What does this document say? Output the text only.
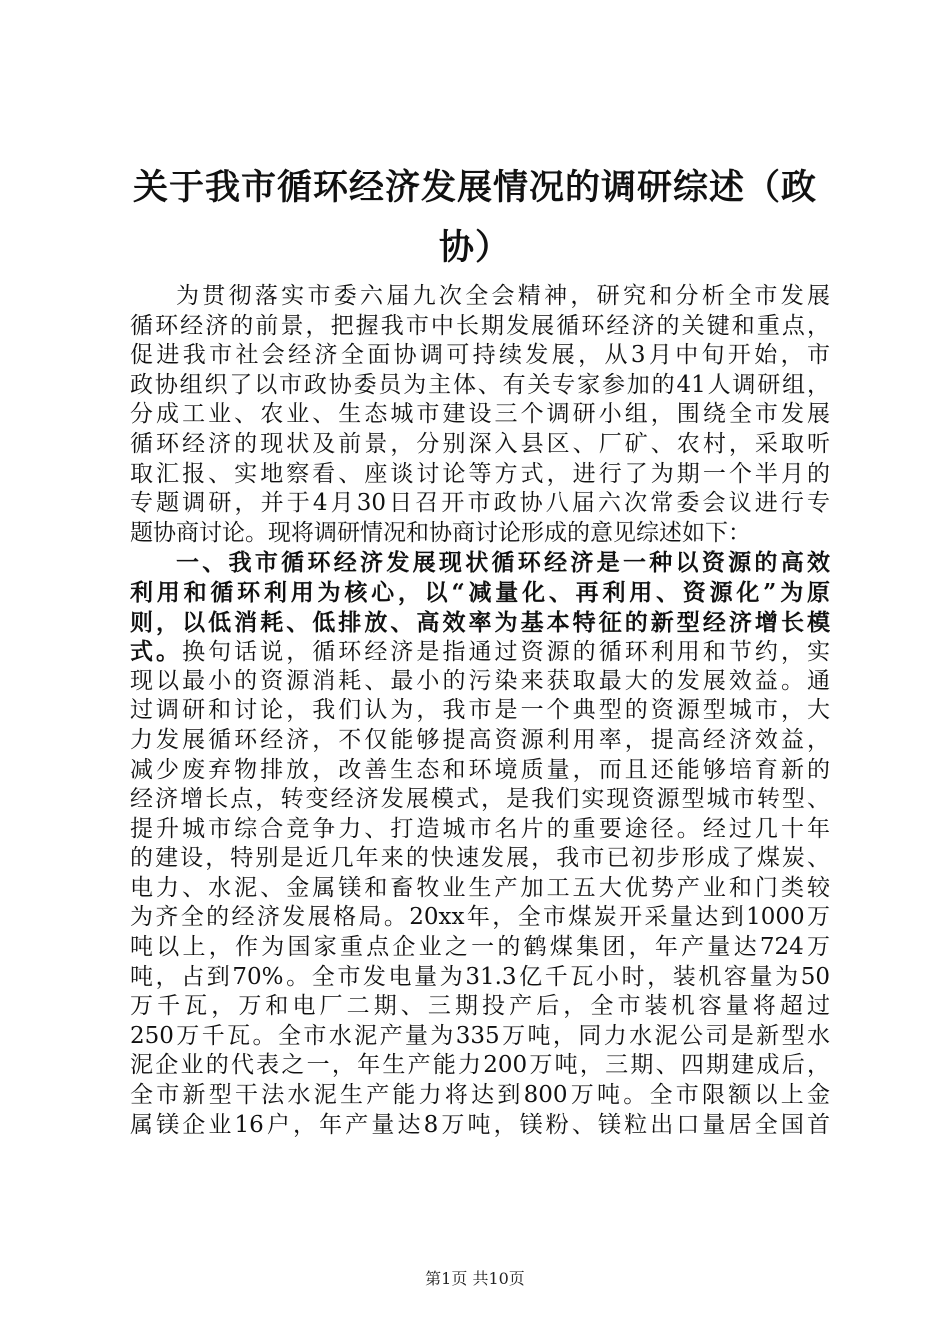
关于我市循环经济发展情况的调研综述（政
协）
为贯彻落实市委六届九次全会精神，研究和分析全市发展
循环经济的前景，把握我市中长期发展循环经济的关键和重点，
促进我市社会经济全面协调可持续发展，从3月中旬开始，市
政协组织了以市政协委员为主体、有关专家参加的41人调研组，
分成工业、农业、生态城市建设三个调研小组，围绕全市发展
循环经济的现状及前景，分别深入县区、厂矿、农村，采取听
取汇报、实地察看、座谈讨论等方式，进行了为期一个半月的
专题调研，并于4月30日召开市政协八届六次常委会议进行专
题协商讨论。现将调研情况和协商讨论形成的意见综述如下：
一、我市循环经济发展现状循环经济是一种以资源的高效
利用和循环利用为核心，以“减量化、再利用、资源化”为原
则，以低消耗、低排放、高效率为基本特征的新型经济增长模
式。换句话说，循环经济是指通过资源的循环利用和节约，实
现以最小的资源消耗、最小的污染来获取最大的发展效益。通
过调研和讨论，我们认为，我市是一个典型的资源型城市，大
力发展循环经济，不仅能够提高资源利用率，提高经济效益，
减少废弃物排放，改善生态和环境质量，而且还能够培育新的
经济增长点，转变经济发展模式，是我们实现资源型城市转型、
提升城市综合竞争力、打造城市名片的重要途径。经过几十年
的建设，特别是近几年来的快速发展，我市已初步形成了煤炭、
电力、水泥、金属镁和畜牧业生产加工五大优势产业和门类较
为齐全的经济发展格局。20xx年，全市煤炭开采量达到1000万
吨以上，作为国家重点企业之一的鹤煤集团，年产量达724万
吨，占到70%。全市发电量为31.3亿千瓦小时，装机容量为50
万千瓦，万和电厂二期、三期投产后，全市装机容量将超过
250万千瓦。全市水泥产量为335万吨，同力水泥公司是新型水
泥企业的代表之一，年生产能力200万吨，三期、四期建成后，
全市新型干法水泥生产能力将达到800万吨。全市限额以上金
属镁企业16户，年产量达8万吨，镁粉、镁粒出口量居全国首
第1页 共10页
